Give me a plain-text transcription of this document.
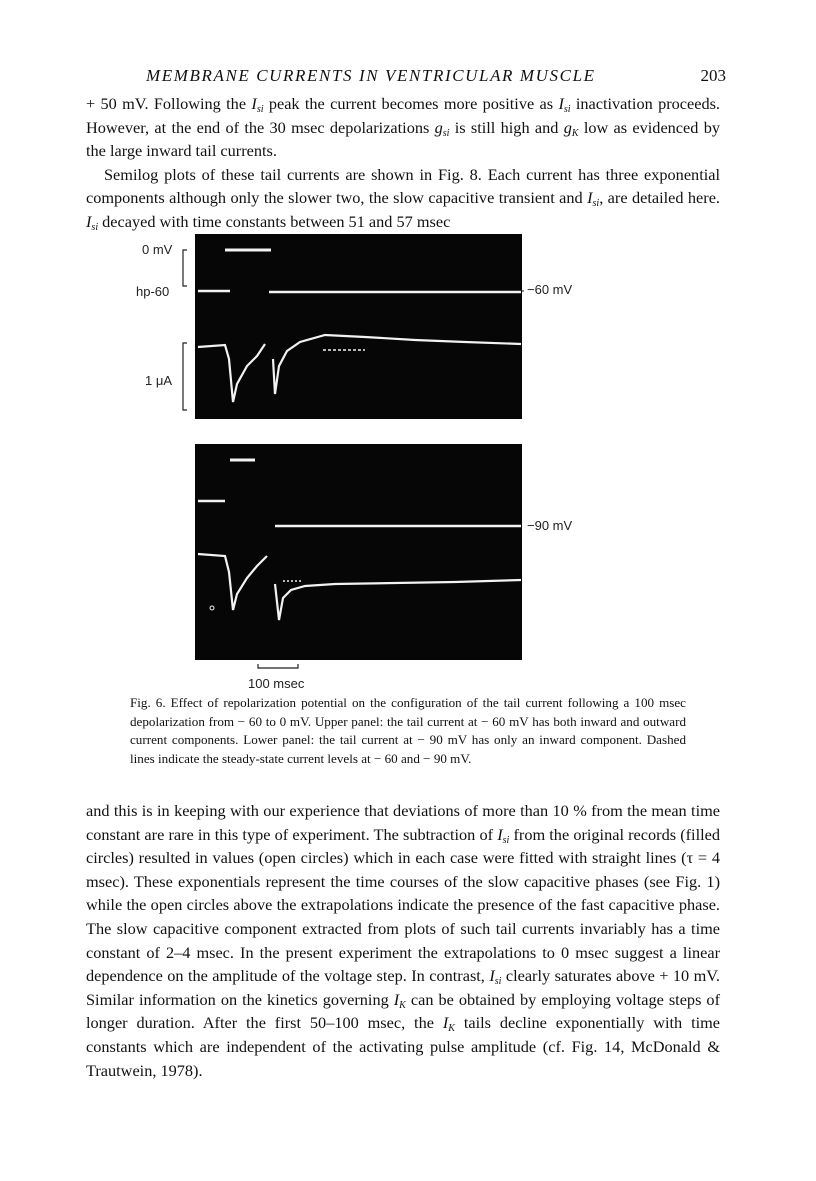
MEMBRANE CURRENTS IN VENTRICULAR MUSCLE	203

+ 50 mV. Following the $I_{si}$ peak the current becomes more positive as $I_{si}$ inactivation proceeds. However, at the end of the 30 msec depolarizations $g_{si}$ is still high and $g_K$ low as evidenced by the large inward tail currents.

Semilog plots of these tail currents are shown in Fig. 8. Each current has three exponential components although only the slower two, the slow capacitive transient and $I_{si}$, are detailed here. $I_{si}$ decayed with time constants between 51 and 57 msec

0 mV
hp-60
1 μA
−60 mV
−90 mV
100 msec

Fig. 6. Effect of repolarization potential on the configuration of the tail current following a 100 msec depolarization from − 60 to 0 mV. Upper panel: the tail current at − 60 mV has both inward and outward current components. Lower panel: the tail current at − 90 mV has only an inward component. Dashed lines indicate the steady-state current levels at − 60 and − 90 mV.

and this is in keeping with our experience that deviations of more than 10 % from the mean time constant are rare in this type of experiment. The subtraction of $I_{si}$ from the original records (filled circles) resulted in values (open circles) which in each case were fitted with straight lines (τ = 4 msec). These exponentials represent the time courses of the slow capacitive phases (see Fig. 1) while the open circles above the extrapolations indicate the presence of the fast capacitive phase. The slow capacitive component extracted from plots of such tail currents invariably has a time constant of 2–4 msec. In the present experiment the extrapolations to 0 msec suggest a linear dependence on the amplitude of the voltage step. In contrast, $I_{si}$ clearly saturates above + 10 mV. Similar information on the kinetics governing $I_K$ can be obtained by employing voltage steps of longer duration. After the first 50–100 msec, the $I_K$ tails decline exponentially with time constants which are independent of the activating pulse amplitude (cf. Fig. 14, McDonald & Trautwein, 1978).
